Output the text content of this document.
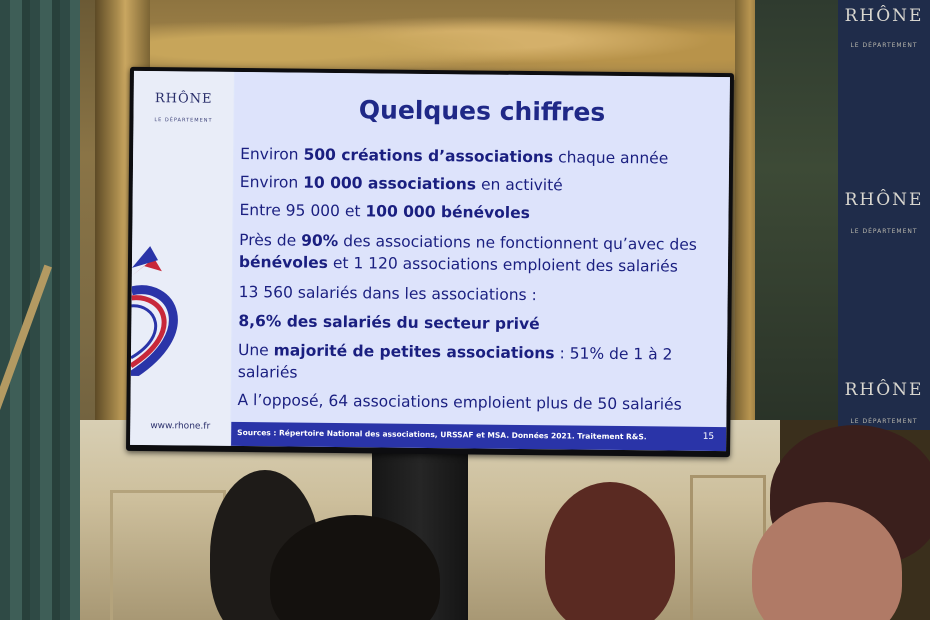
RHÔNE
LE DÉPARTEMENT
RHÔNE
LE DÉPARTEMENT
RHÔNE
LE DÉPARTEMENT
RHÔNE
LE DÉPARTEMENT
www.rhone.fr
Quelques chiffres
Environ 500 créations d’associations chaque année
Environ 10 000 associations en activité
Entre 95 000 et 100 000 bénévoles
Près de 90% des associations ne fonctionnent qu’avec des
bénévoles et 1 120 associations emploient des salariés
13 560 salariés dans les associations :
8,6% des salariés du secteur privé
Une majorité de petites associations : 51% de 1 à 2
salariés
A l’opposé, 64 associations emploient plus de 50 salariés
Sources : Répertoire National des associations, URSSAF et MSA. Données 2021. Traitement R&S.	15
